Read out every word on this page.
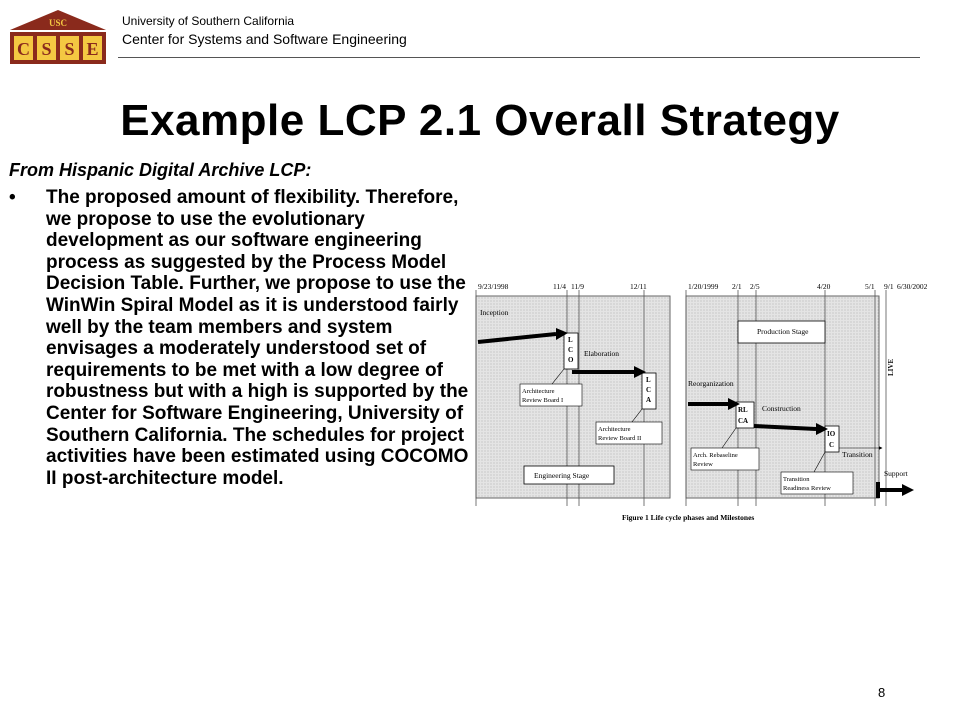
USC
C S S E
University of Southern California
Center for Systems and Software Engineering
Example LCP 2.1 Overall Strategy
From Hispanic Digital Archive LCP:
• The proposed amount of flexibility. Therefore, we propose to use the evolutionary development as our software engineering process as suggested by the Process Model Decision Table. Further, we propose to use the WinWin Spiral Model as it is understood fairly well by the team members and system envisages a moderately understood set of requirements to be met with a low degree of robustness but with a high is supported by the Center for Software Engineering, University of Southern California. The schedules for project activities have been estimated using COCOMO II post-architecture model.
9/23/1998	11/4 11/9	12/11	1/20/1999 2/1 2/5	4/20	5/1 9/1 6/30/2002
Inception
Elaboration
Reorganization
Construction
Transition
Support
Production Stage
Engineering Stage
L
C
O
L
C
A
RL
CA
IO
C
LIVE
Architecture
Review Board I
Architecture
Review Board II
Arch. Rebaseline
Review
Transition
Readiness Review
Figure 1 Life cycle phases and Milestones
8
